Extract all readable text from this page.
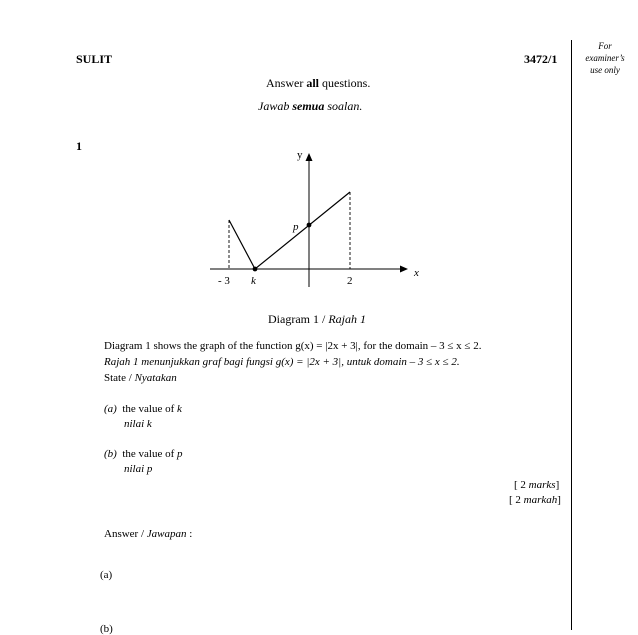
SULIT	3472/1
For
examiner’s
use only
Answer all questions.
Jawab semua soalan.
1
x
y
- 3 k	2
p
Diagram 1 / Rajah 1
Diagram 1 shows the graph of the function g(x) = |2x + 3|, for the domain – 3 ≤ x ≤ 2.
Rajah 1 menunjukkan graf bagi fungsi g(x) = |2x + 3|, untuk domain – 3 ≤ x ≤ 2.
State / Nyatakan
(a) the value of k
nilai k
(b) the value of p
nilai p
[ 2 marks]
[ 2 markah]
Answer / Jawapan :
(a)
(b)
